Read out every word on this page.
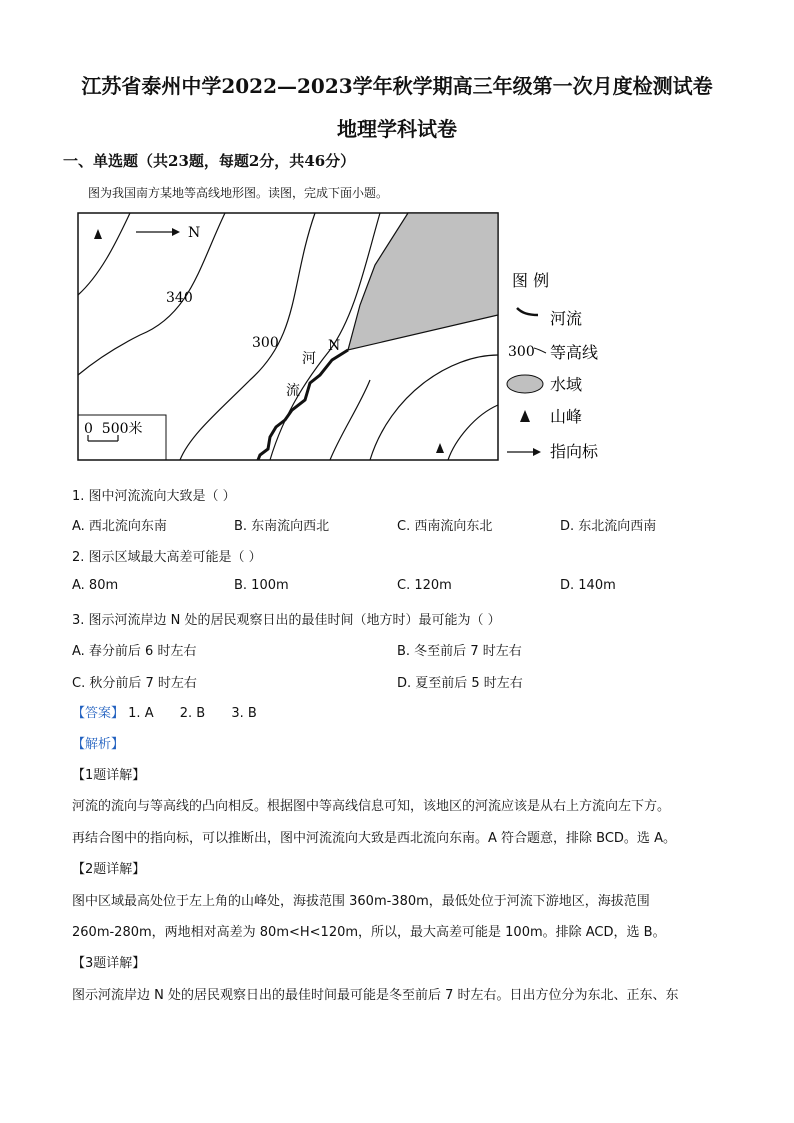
江苏省泰州中学2022—2023学年秋学期高三年级第一次月度检测试卷
地理学科试卷
一、单选题（共23题，每题2分，共46分）
图为我国南方某地等高线地形图。读图，完成下面小题。
N
340
300	N
河
流
0  500米
图 例
河流
300 等高线
水域
山峰
指向标
1. 图中河流流向大致是（ ）
A. 西北流向东南	B. 东南流向西北	C. 西南流向东北	D. 东北流向西南
2. 图示区域最大高差可能是（ ）
A. 80m	B. 100m	C. 120m	D. 140m
3. 图示河流岸边 N 处的居民观察日出的最佳时间（地方时）最可能为（ ）
A. 春分前后 6 时左右	B. 冬至前后 7 时左右
C. 秋分前后 7 时左右	D. 夏至前后 5 时左右
【答案】 1. A 2. B 3. B
【解析】
【1题详解】
河流的流向与等高线的凸向相反。根据图中等高线信息可知，该地区的河流应该是从右上方流向左下方。
再结合图中的指向标，可以推断出，图中河流流向大致是西北流向东南。A 符合题意，排除 BCD。选 A。
【2题详解】
图中区域最高处位于左上角的山峰处，海拔范围 360m-380m，最低处位于河流下游地区，海拔范围
260m-280m，两地相对高差为 80m<H<120m，所以，最大高差可能是 100m。排除 ACD，选 B。
【3题详解】
图示河流岸边 N 处的居民观察日出的最佳时间最可能是冬至前后 7 时左右。日出方位分为东北、正东、东
